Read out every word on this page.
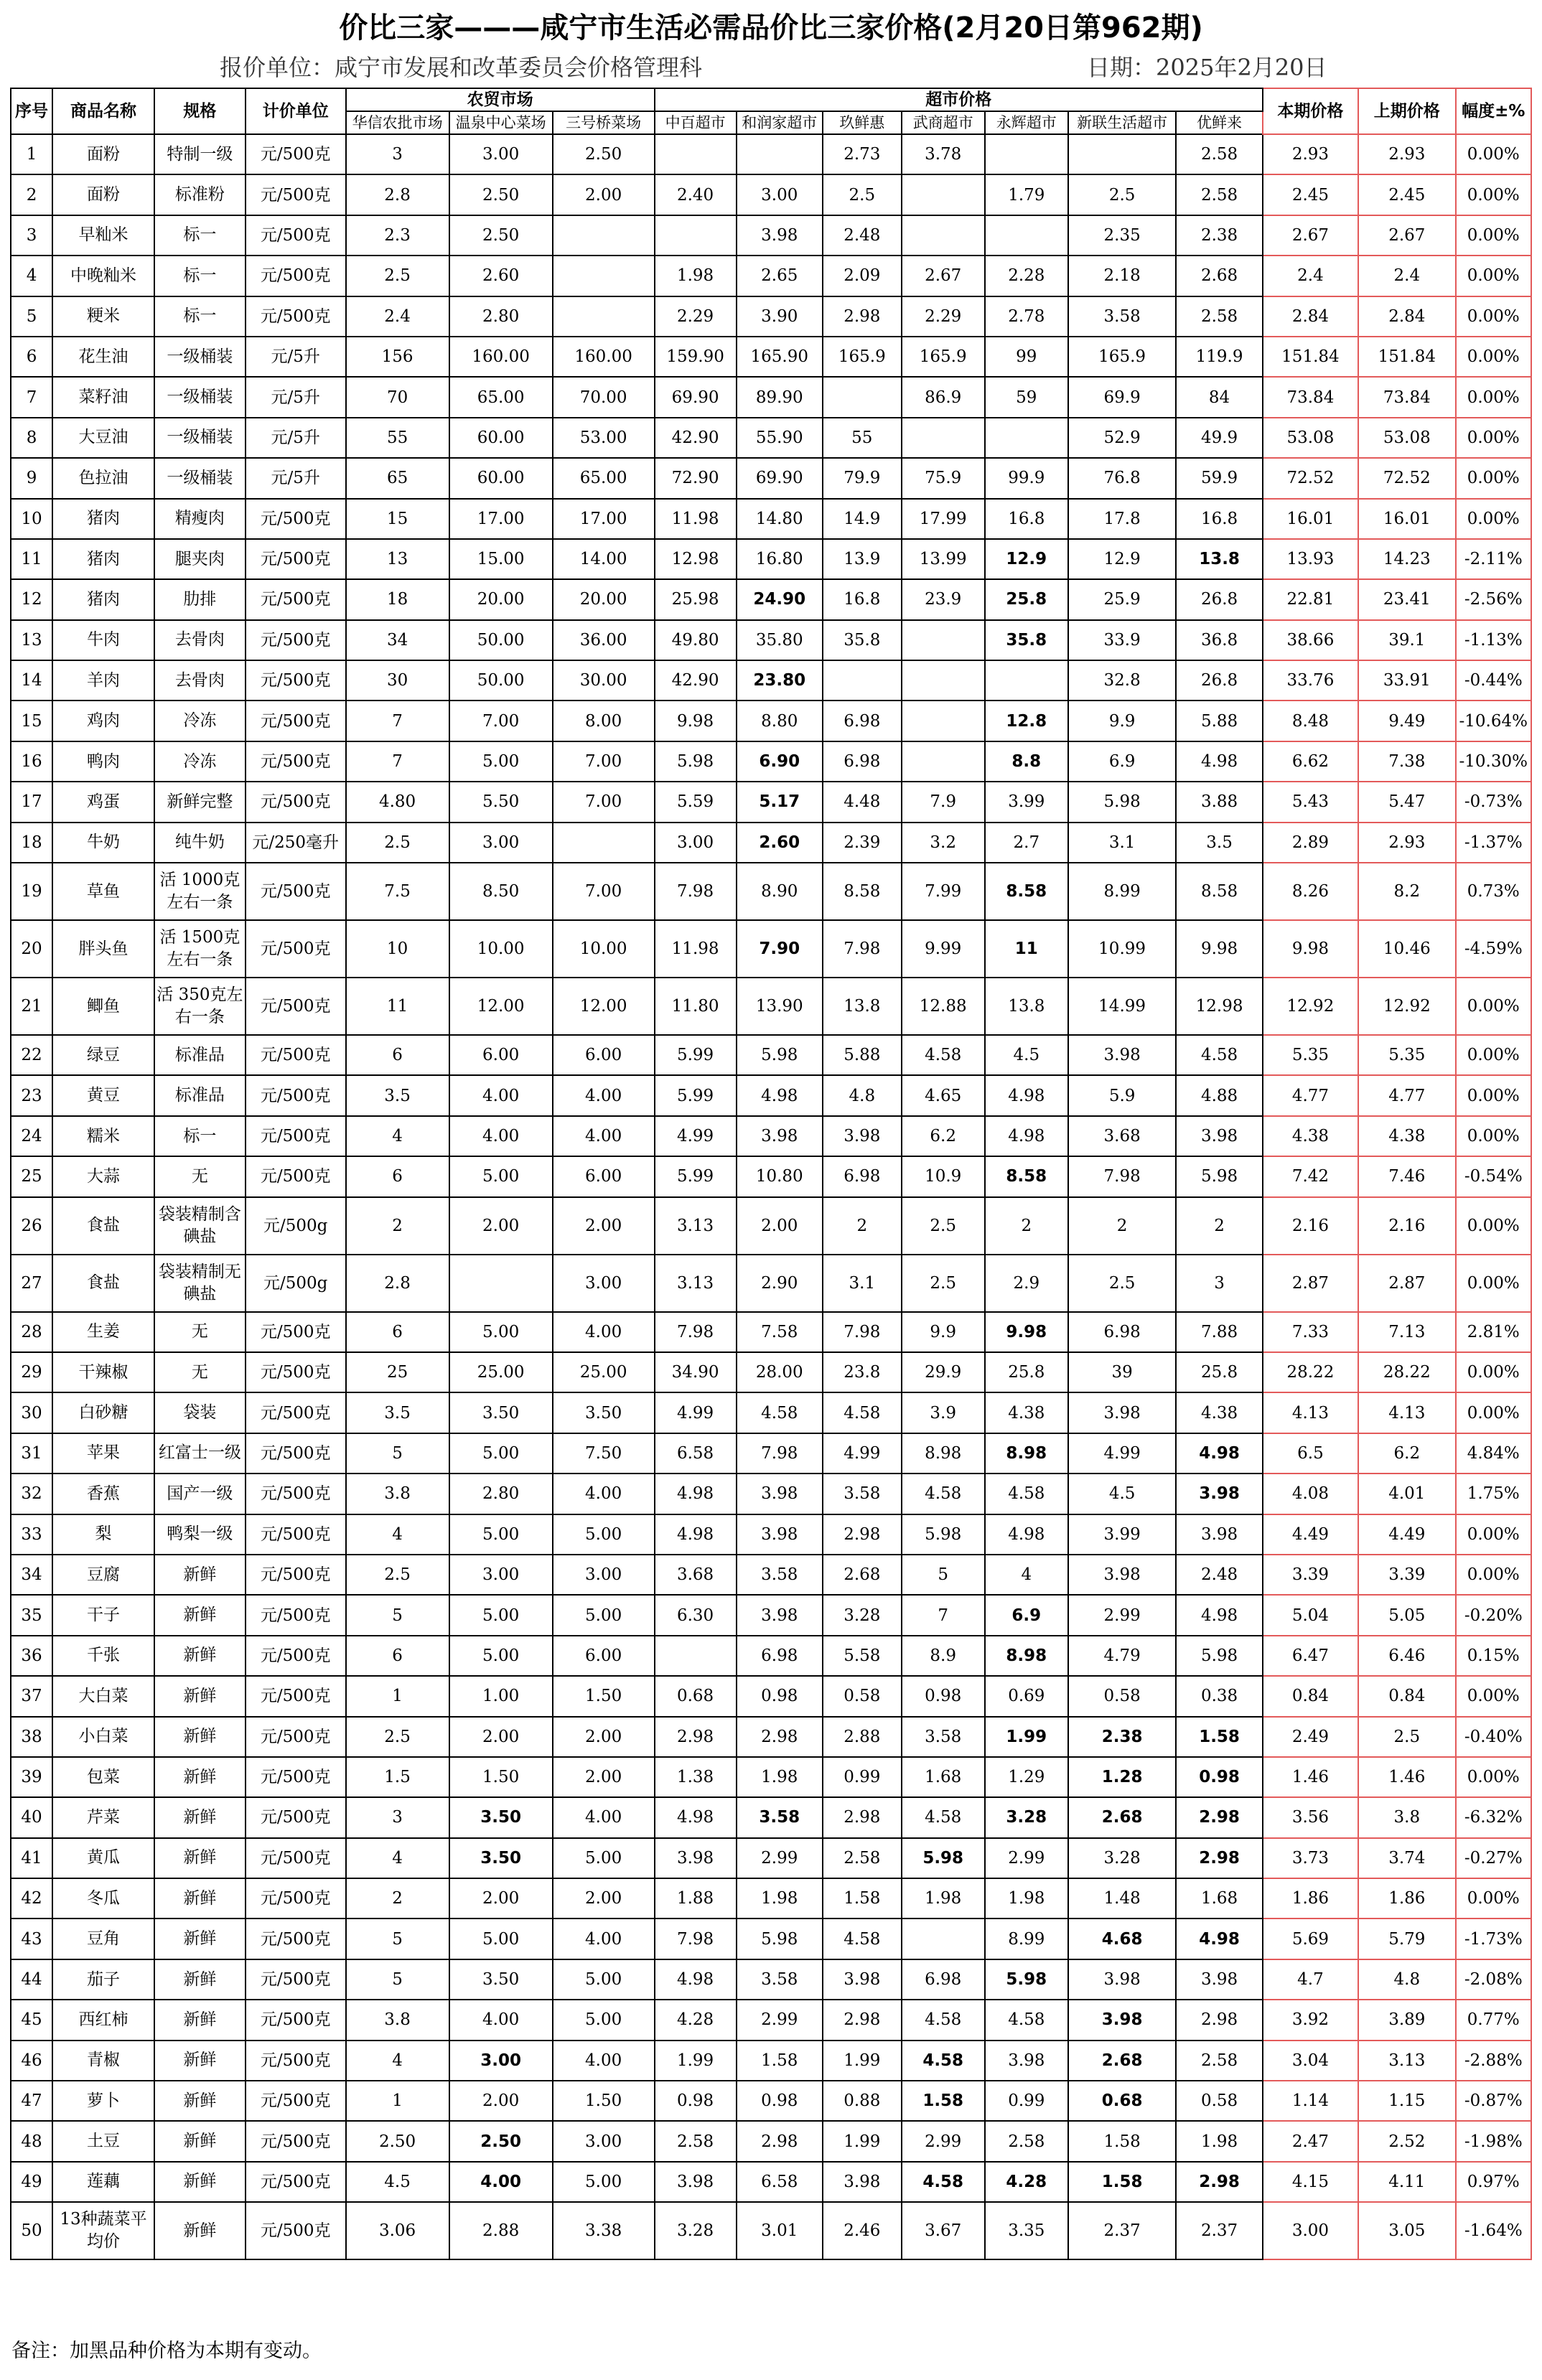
价比三家———咸宁市生活必需品价比三家价格(2月20日第962期)
报价单位：咸宁市发展和改革委员会价格管理科	日期：2025年2月20日
序号	商品名称	规格	计价单位	农贸市场			超市价格							本期价格	上期价格	幅度±%
				华信农批市场	温泉中心菜场	三号桥菜场	中百超市	和润家超市	玖鲜惠	武商超市	永辉超市	新联生活超市	优鲜来			
1	面粉	特制一级	元/500克	3	3.00	2.50			2.73	3.78			2.58	2.93	2.93	0.00%
2	面粉	标准粉	元/500克	2.8	2.50	2.00	2.40	3.00	2.5		1.79	2.5	2.58	2.45	2.45	0.00%
3	早籼米	标一	元/500克	2.3	2.50			3.98	2.48			2.35	2.38	2.67	2.67	0.00%
4	中晚籼米	标一	元/500克	2.5	2.60		1.98	2.65	2.09	2.67	2.28	2.18	2.68	2.4	2.4	0.00%
5	粳米	标一	元/500克	2.4	2.80		2.29	3.90	2.98	2.29	2.78	3.58	2.58	2.84	2.84	0.00%
6	花生油	一级桶装	元/5升	156	160.00	160.00	159.90	165.90	165.9	165.9	99	165.9	119.9	151.84	151.84	0.00%
7	菜籽油	一级桶装	元/5升	70	65.00	70.00	69.90	89.90		86.9	59	69.9	84	73.84	73.84	0.00%
8	大豆油	一级桶装	元/5升	55	60.00	53.00	42.90	55.90	55			52.9	49.9	53.08	53.08	0.00%
9	色拉油	一级桶装	元/5升	65	60.00	65.00	72.90	69.90	79.9	75.9	99.9	76.8	59.9	72.52	72.52	0.00%
10	猪肉	精瘦肉	元/500克	15	17.00	17.00	11.98	14.80	14.9	17.99	16.8	17.8	16.8	16.01	16.01	0.00%
11	猪肉	腿夹肉	元/500克	13	15.00	14.00	12.98	16.80	13.9	13.99	12.9	12.9	13.8	13.93	14.23	-2.11%
12	猪肉	肋排	元/500克	18	20.00	20.00	25.98	24.90	16.8	23.9	25.8	25.9	26.8	22.81	23.41	-2.56%
13	牛肉	去骨肉	元/500克	34	50.00	36.00	49.80	35.80	35.8		35.8	33.9	36.8	38.66	39.1	-1.13%
14	羊肉	去骨肉	元/500克	30	50.00	30.00	42.90	23.80				32.8	26.8	33.76	33.91	-0.44%
15	鸡肉	冷冻	元/500克	7	7.00	8.00	9.98	8.80	6.98		12.8	9.9	5.88	8.48	9.49	-10.64%
16	鸭肉	冷冻	元/500克	7	5.00	7.00	5.98	6.90	6.98		8.8	6.9	4.98	6.62	7.38	-10.30%
17	鸡蛋	新鲜完整	元/500克	4.80	5.50	7.00	5.59	5.17	4.48	7.9	3.99	5.98	3.88	5.43	5.47	-0.73%
18	牛奶	纯牛奶	元/250毫升	2.5	3.00		3.00	2.60	2.39	3.2	2.7	3.1	3.5	2.89	2.93	-1.37%
19	草鱼	活 1000克左右一条	元/500克	7.5	8.50	7.00	7.98	8.90	8.58	7.99	8.58	8.99	8.58	8.26	8.2	0.73%
20	胖头鱼	活 1500克左右一条	元/500克	10	10.00	10.00	11.98	7.90	7.98	9.99	11	10.99	9.98	9.98	10.46	-4.59%
21	鲫鱼	活 350克左右一条	元/500克	11	12.00	12.00	11.80	13.90	13.8	12.88	13.8	14.99	12.98	12.92	12.92	0.00%
22	绿豆	标准品	元/500克	6	6.00	6.00	5.99	5.98	5.88	4.58	4.5	3.98	4.58	5.35	5.35	0.00%
23	黄豆	标准品	元/500克	3.5	4.00	4.00	5.99	4.98	4.8	4.65	4.98	5.9	4.88	4.77	4.77	0.00%
24	糯米	标一	元/500克	4	4.00	4.00	4.99	3.98	3.98	6.2	4.98	3.68	3.98	4.38	4.38	0.00%
25	大蒜	无	元/500克	6	5.00	6.00	5.99	10.80	6.98	10.9	8.58	7.98	5.98	7.42	7.46	-0.54%
26	食盐	袋装精制含碘盐	元/500g	2	2.00	2.00	3.13	2.00	2	2.5	2	2	2	2.16	2.16	0.00%
27	食盐	袋装精制无碘盐	元/500g	2.8		3.00	3.13	2.90	3.1	2.5	2.9	2.5	3	2.87	2.87	0.00%
28	生姜	无	元/500克	6	5.00	4.00	7.98	7.58	7.98	9.9	9.98	6.98	7.88	7.33	7.13	2.81%
29	干辣椒	无	元/500克	25	25.00	25.00	34.90	28.00	23.8	29.9	25.8	39	25.8	28.22	28.22	0.00%
30	白砂糖	袋装	元/500克	3.5	3.50	3.50	4.99	4.58	4.58	3.9	4.38	3.98	4.38	4.13	4.13	0.00%
31	苹果	红富士一级	元/500克	5	5.00	7.50	6.58	7.98	4.99	8.98	8.98	4.99	4.98	6.5	6.2	4.84%
32	香蕉	国产一级	元/500克	3.8	2.80	4.00	4.98	3.98	3.58	4.58	4.58	4.5	3.98	4.08	4.01	1.75%
33	梨	鸭梨一级	元/500克	4	5.00	5.00	4.98	3.98	2.98	5.98	4.98	3.99	3.98	4.49	4.49	0.00%
34	豆腐	新鲜	元/500克	2.5	3.00	3.00	3.68	3.58	2.68	5	4	3.98	2.48	3.39	3.39	0.00%
35	干子	新鲜	元/500克	5	5.00	5.00	6.30	3.98	3.28	7	6.9	2.99	4.98	5.04	5.05	-0.20%
36	千张	新鲜	元/500克	6	5.00	6.00		6.98	5.58	8.9	8.98	4.79	5.98	6.47	6.46	0.15%
37	大白菜	新鲜	元/500克	1	1.00	1.50	0.68	0.98	0.58	0.98	0.69	0.58	0.38	0.84	0.84	0.00%
38	小白菜	新鲜	元/500克	2.5	2.00	2.00	2.98	2.98	2.88	3.58	1.99	2.38	1.58	2.49	2.5	-0.40%
39	包菜	新鲜	元/500克	1.5	1.50	2.00	1.38	1.98	0.99	1.68	1.29	1.28	0.98	1.46	1.46	0.00%
40	芹菜	新鲜	元/500克	3	3.50	4.00	4.98	3.58	2.98	4.58	3.28	2.68	2.98	3.56	3.8	-6.32%
41	黄瓜	新鲜	元/500克	4	3.50	5.00	3.98	2.99	2.58	5.98	2.99	3.28	2.98	3.73	3.74	-0.27%
42	冬瓜	新鲜	元/500克	2	2.00	2.00	1.88	1.98	1.58	1.98	1.98	1.48	1.68	1.86	1.86	0.00%
43	豆角	新鲜	元/500克	5	5.00	4.00	7.98	5.98	4.58		8.99	4.68	4.98	5.69	5.79	-1.73%
44	茄子	新鲜	元/500克	5	3.50	5.00	4.98	3.58	3.98	6.98	5.98	3.98	3.98	4.7	4.8	-2.08%
45	西红柿	新鲜	元/500克	3.8	4.00	5.00	4.28	2.99	2.98	4.58	4.58	3.98	2.98	3.92	3.89	0.77%
46	青椒	新鲜	元/500克	4	3.00	4.00	1.99	1.58	1.99	4.58	3.98	2.68	2.58	3.04	3.13	-2.88%
47	萝卜	新鲜	元/500克	1	2.00	1.50	0.98	0.98	0.88	1.58	0.99	0.68	0.58	1.14	1.15	-0.87%
48	土豆	新鲜	元/500克	2.50	2.50	3.00	2.58	2.98	1.99	2.99	2.58	1.58	1.98	2.47	2.52	-1.98%
49	莲藕	新鲜	元/500克	4.5	4.00	5.00	3.98	6.58	3.98	4.58	4.28	1.58	2.98	4.15	4.11	0.97%
50	13种蔬菜平均价	新鲜	元/500克	3.06	2.88	3.38	3.28	3.01	2.46	3.67	3.35	2.37	2.37	3.00	3.05	-1.64%
备注：加黑品种价格为本期有变动。
